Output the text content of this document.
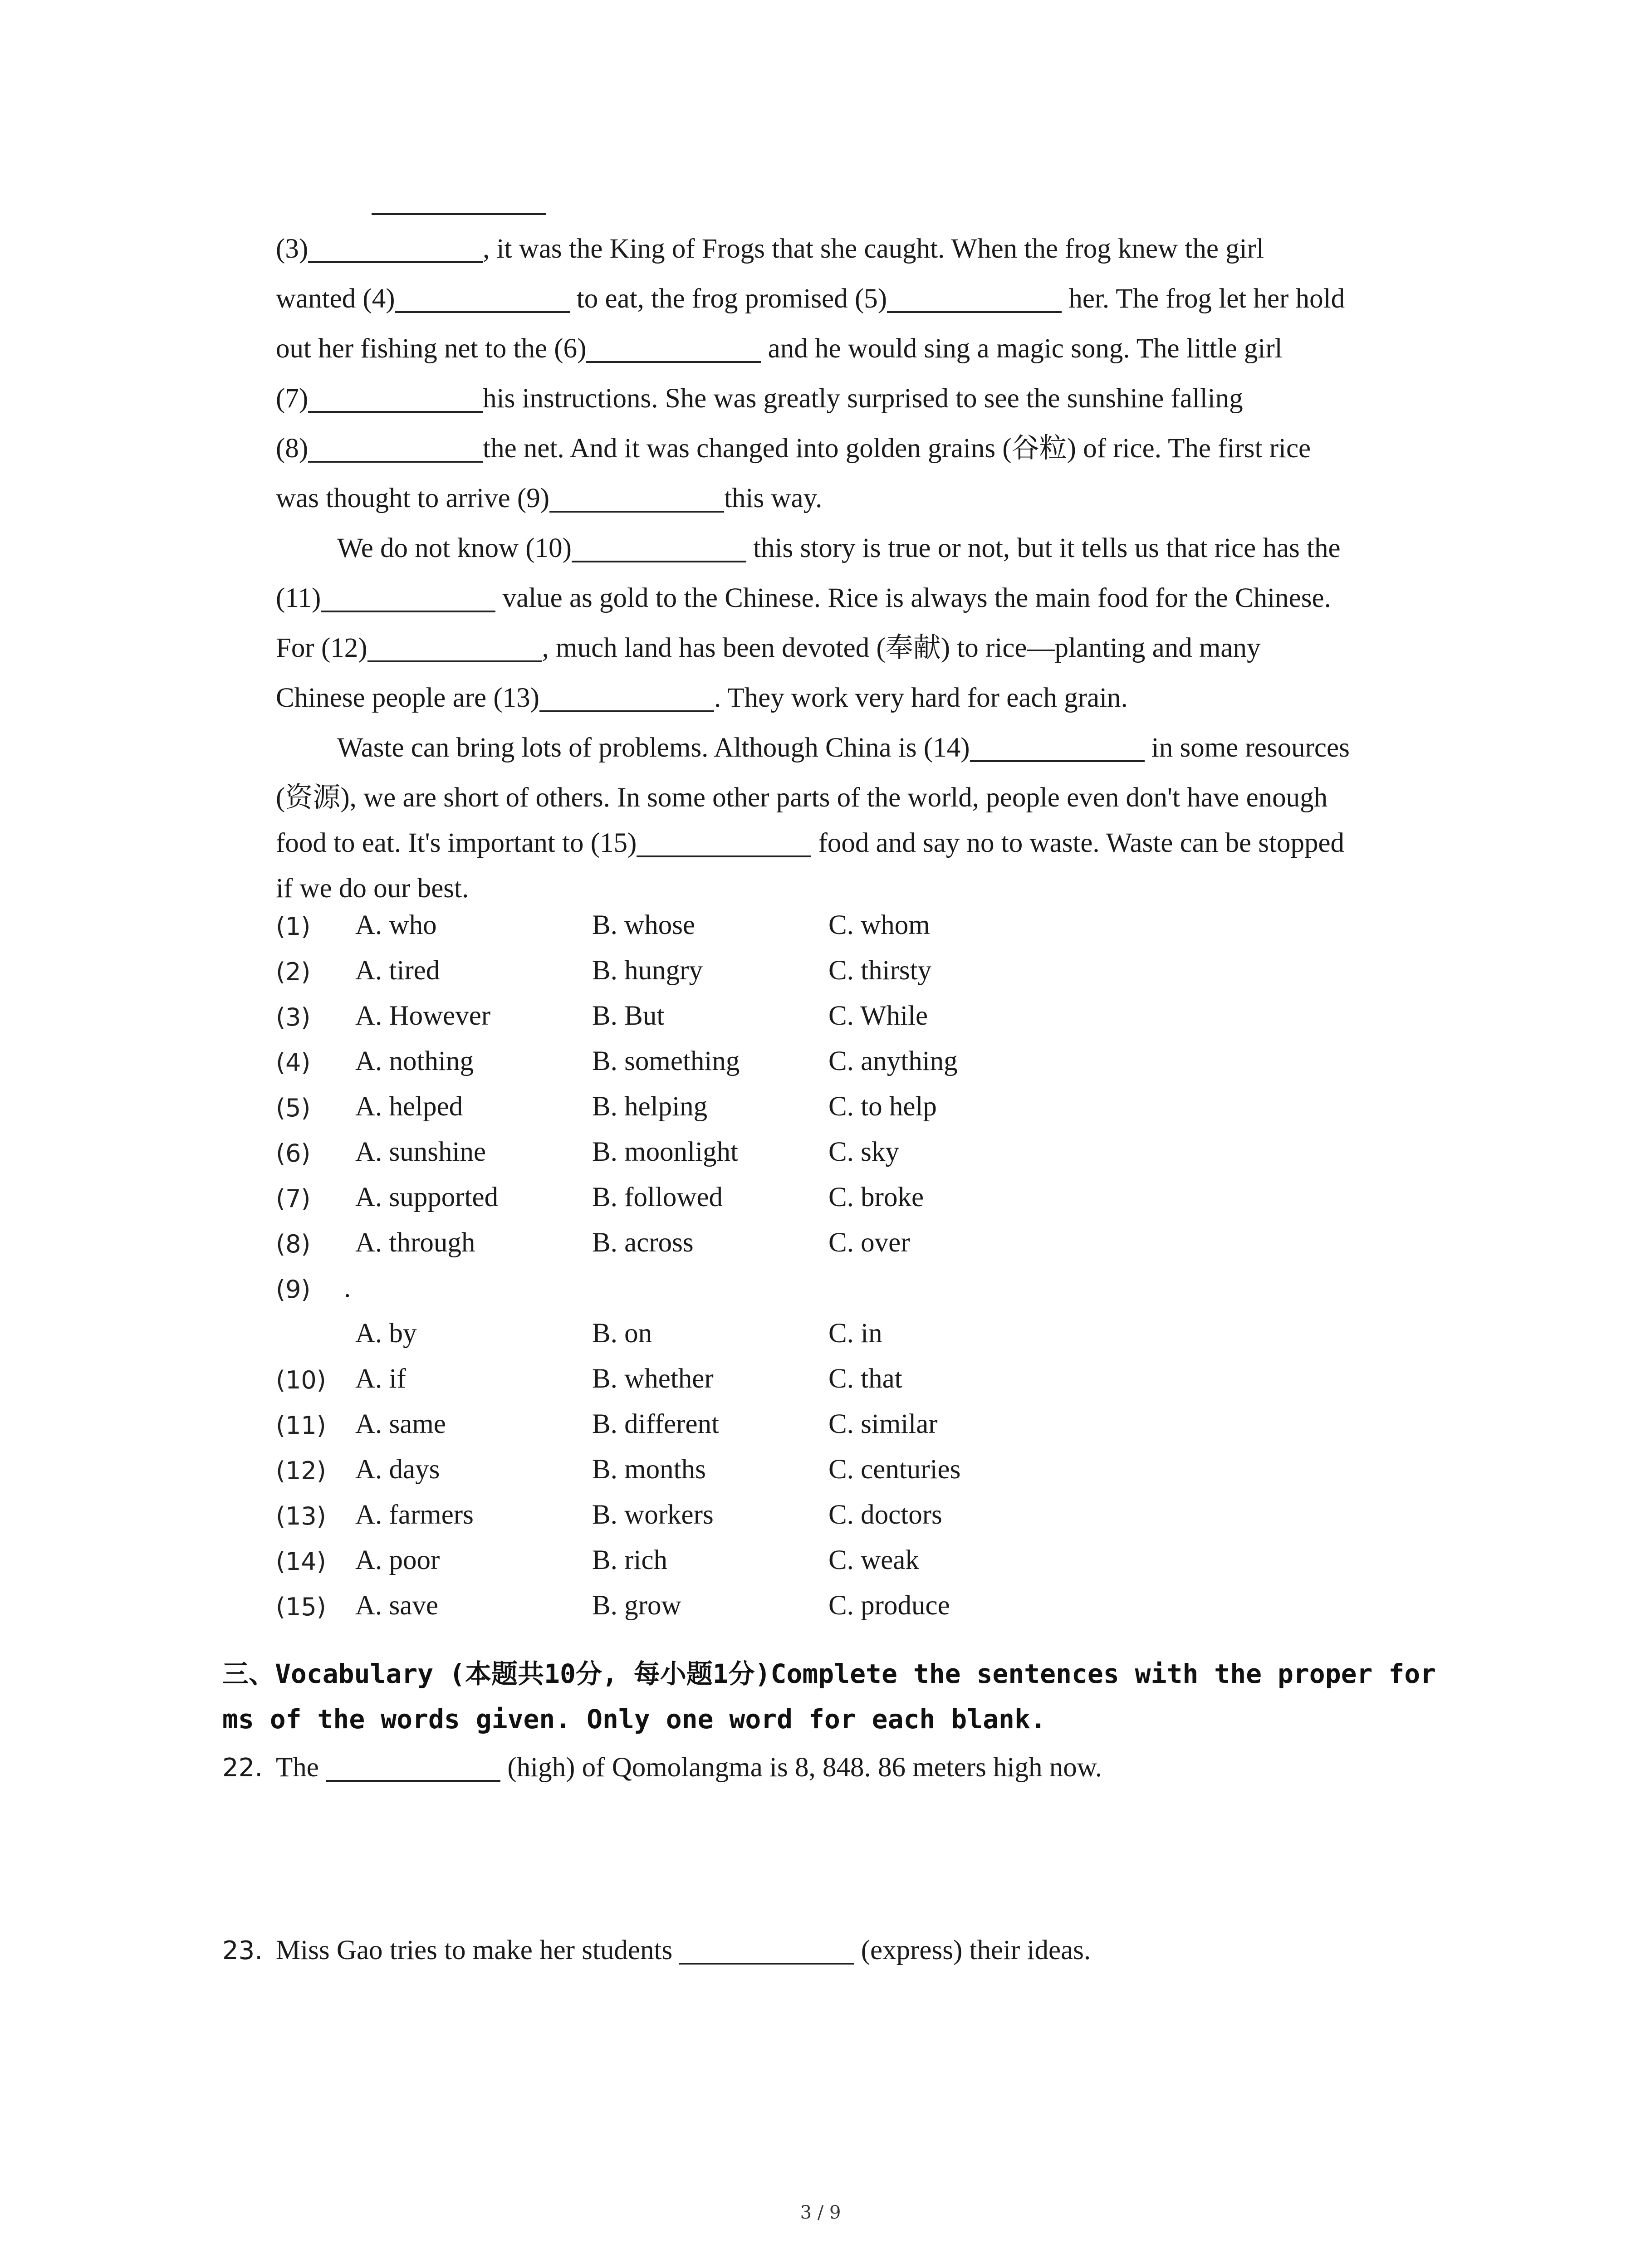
(3)	, it was the King of Frogs that she caught. When the frog knew the girl
wanted (4)	to eat, the frog promised (5)	her. The frog let her hold
out her fishing net to the (6)	and he would sing a magic song. The little girl
(7)	his instructions. She was greatly surprised to see the sunshine falling
(8)	the net. And it was changed into golden grains (谷粒) of rice. The first rice
was thought to arrive (9)	this way.
We do not know (10)	this story is true or not, but it tells us that rice has the
(11)	value as gold to the Chinese. Rice is always the main food for the Chinese.
For (12)	, much land has been devoted (奉献) to rice—planting and many
Chinese people are (13)	. They work very hard for each grain.
Waste can bring lots of problems. Although China is (14)	in some resources
(资源), we are short of others. In some other parts of the world, people even don't have enough
food to eat. It's important to (15)	food and say no to waste. Waste can be stopped
if we do our best.
(1) A. who	B. whose	C. whom
(2) A. tired	B. hungry	C. thirsty
(3) A. However	B. But	C. While
(4) A. nothing	B. something	C. anything
(5) A. helped	B. helping	C. to help
(6) A. sunshine	B. moonlight	C. sky
(7) A. supported	B. followed	C. broke
(8) A. through	B. across	C. over
(9) .
A. by	B. on	C. in
(10) A. if	B. whether	C. that
(11) A. same	B. different	C. similar
(12) A. days	B. months	C. centuries
(13) A. farmers	B. workers	C. doctors
(14) A. poor	B. rich	C. weak
(15) A. save	B. grow	C. produce
三、Vocabulary (本题共10分, 每小题1分)Complete the sentences with the proper for
ms of the words given. Only one word for each blank.
22. The	(high) of Qomolangma is 8, 848. 86 meters high now.
23. Miss Gao tries to make her students	(express) their ideas.
3 / 9
